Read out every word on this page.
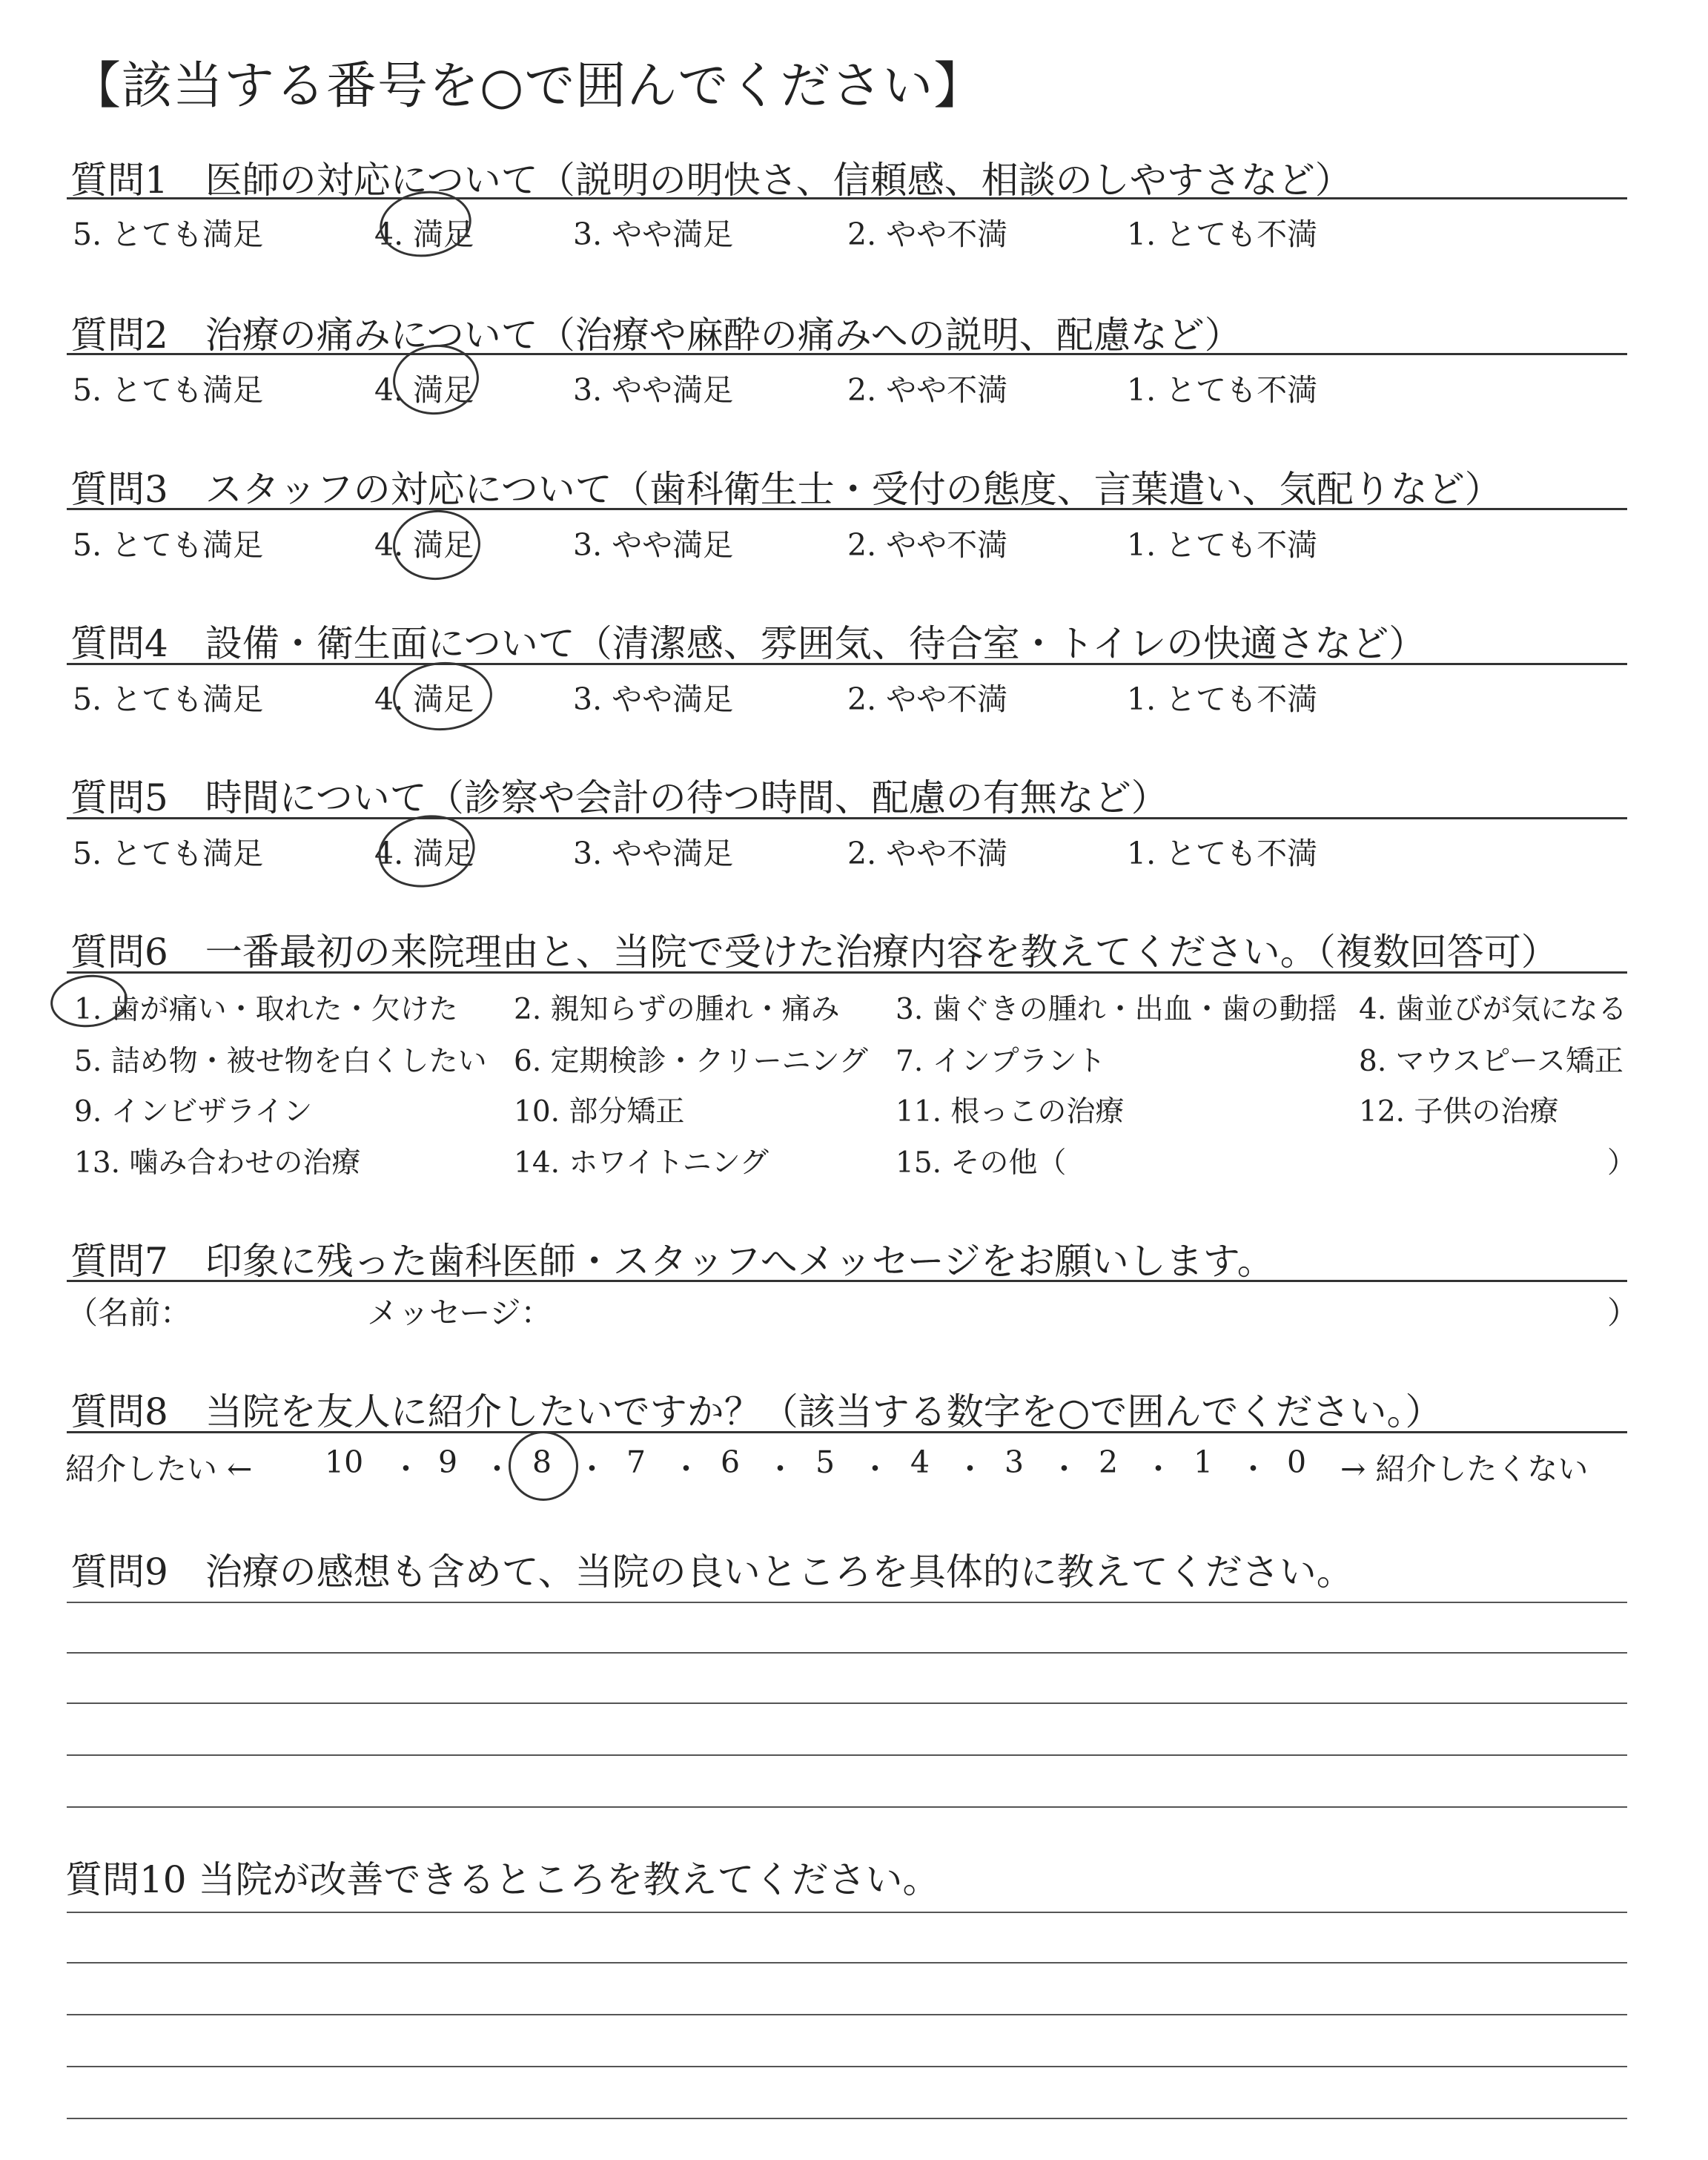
【該当する番号を○で囲んでください】
質問1　医師の対応について（説明の明快さ、信頼感、相談のしやすさなど）
5. とても満足	4. 満足	3. やや満足	2. やや不満	1. とても不満
質問2　治療の痛みについて（治療や麻酔の痛みへの説明、配慮など）
5. とても満足	4. 満足	3. やや満足	2. やや不満	1. とても不満
質問3　スタッフの対応について（歯科衛生士・受付の態度、言葉遣い、気配りなど）
5. とても満足	4. 満足	3. やや満足	2. やや不満	1. とても不満
質問4　設備・衛生面について（清潔感、雰囲気、待合室・トイレの快適さなど）
5. とても満足	4. 満足	3. やや満足	2. やや不満	1. とても不満
質問5　時間について（診察や会計の待つ時間、配慮の有無など）
5. とても満足	4. 満足	3. やや満足	2. やや不満	1. とても不満
質問6　一番最初の来院理由と、当院で受けた治療内容を教えてください。（複数回答可）
1. 歯が痛い・取れた・欠けた 2. 親知らずの腫れ・痛み 3. 歯ぐきの腫れ・出血・歯の動揺 4. 歯並びが気になる
5. 詰め物・被せ物を白くしたい 6. 定期検診・クリーニング 7. インプラント	8. マウスピース矯正
9. インビザライン	10. 部分矯正	11. 根っこの治療	12. 子供の治療
13. 噛み合わせの治療	14. ホワイトニング	15. その他（	）
質問7　印象に残った歯科医師・スタッフへメッセージをお願いします。
（名前：	メッセージ：	）
質問8　当院を友人に紹介したいですか？（該当する数字を○で囲んでください。）
紹介したい ← 10 ・ 9 ・ 8 ・ 7 ・ 6 ・ 5 ・ 4 ・ 3 ・ 2 ・ 1 ・ 0 → 紹介したくない
質問9　治療の感想も含めて、当院の良いところを具体的に教えてください。
質問10 当院が改善できるところを教えてください。
